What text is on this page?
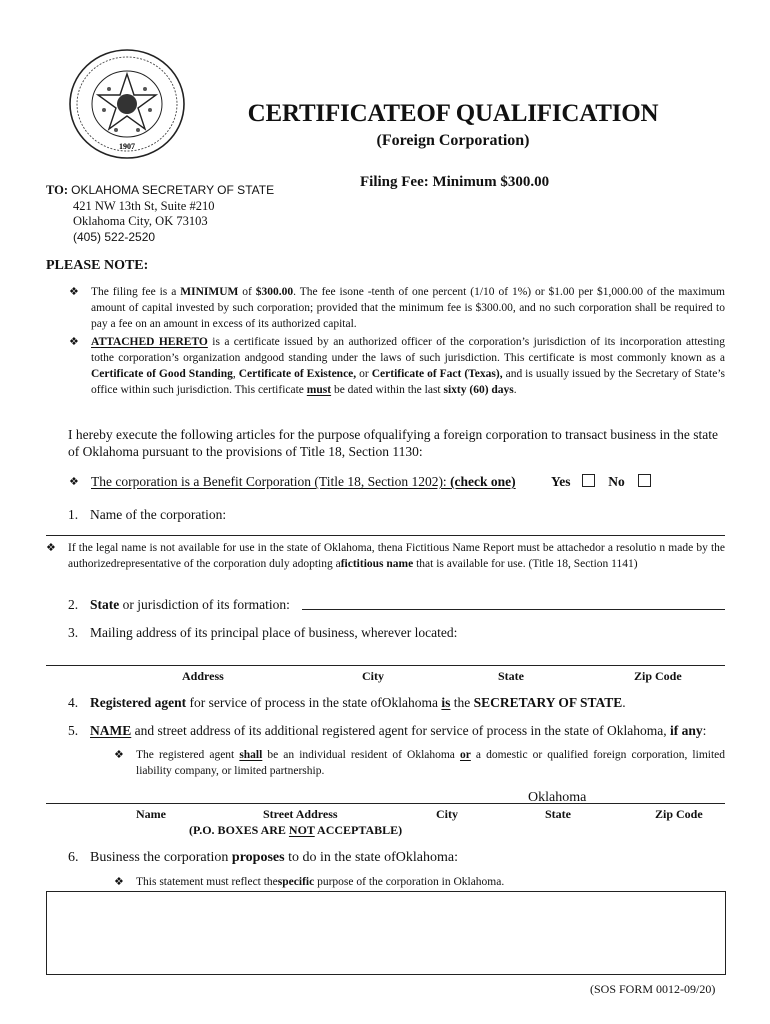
1907
CERTIFICATEOF QUALIFICATION
(Foreign Corporation)
Filing Fee: Minimum $300.00
TO: OKLAHOMA SECRETARY OF STATE
421 NW 13th St, Suite #210
Oklahoma City, OK 73103
(405) 522-2520
PLEASE NOTE:
❖ The filing fee is a MINIMUM of $300.00. The fee isone -tenth of one percent (1/10 of 1%) or $1.00 per $1,000.00 of the maximum amount of capital invested by such corporation; provided that the minimum fee is $300.00, and no such corporation shall be required to pay a fee on an amount in excess of its authorized capital.
❖ ATTACHED HERETO is a certificate issued by an authorized officer of the corporation’s jurisdiction of its incorporation attesting tothe corporation’s organization andgood standing under the laws of such jurisdiction. This certificate is most commonly known as a Certificate of Good Standing, Certificate of Existence, or Certificate of Fact (Texas), and is usually issued by the Secretary of State’s office within such jurisdiction. This certificate must be dated within the last sixty (60) days.
I hereby execute the following articles for the purpose ofqualifying a foreign corporation to transact business in the state of Oklahoma pursuant to the provisions of Title 18, Section 1130:
❖ The corporation is a Benefit Corporation (Title 18, Section 1202): (check one)	Yes	No
1. Name of the corporation:
❖ If the legal name is not available for use in the state of Oklahoma, thena Fictitious Name Report must be attachedor a resolutio n made by the authorizedrepresentative of the corporation duly adopting afictitious name that is available for use. (Title 18, Section 1141)
2. State or jurisdiction of its formation:
3. Mailing address of its principal place of business, wherever located:
Address	City	State	Zip Code
4. Registered agent for service of process in the state ofOklahoma is the SECRETARY OF STATE.
5. NAME and street address of its additional registered agent for service of process in the state of Oklahoma, if any:
❖ The registered agent shall be an individual resident of Oklahoma or a domestic or qualified foreign corporation, limited liability company, or limited partnership.
Oklahoma
Name	Street Address
(P.O. BOXES ARE NOT ACCEPTABLE)
City	State	Zip Code
6. Business the corporation proposes to do in the state ofOklahoma:
❖ This statement must reflect thespecific purpose of the corporation in Oklahoma.
(SOS FORM 0012-09/20)
